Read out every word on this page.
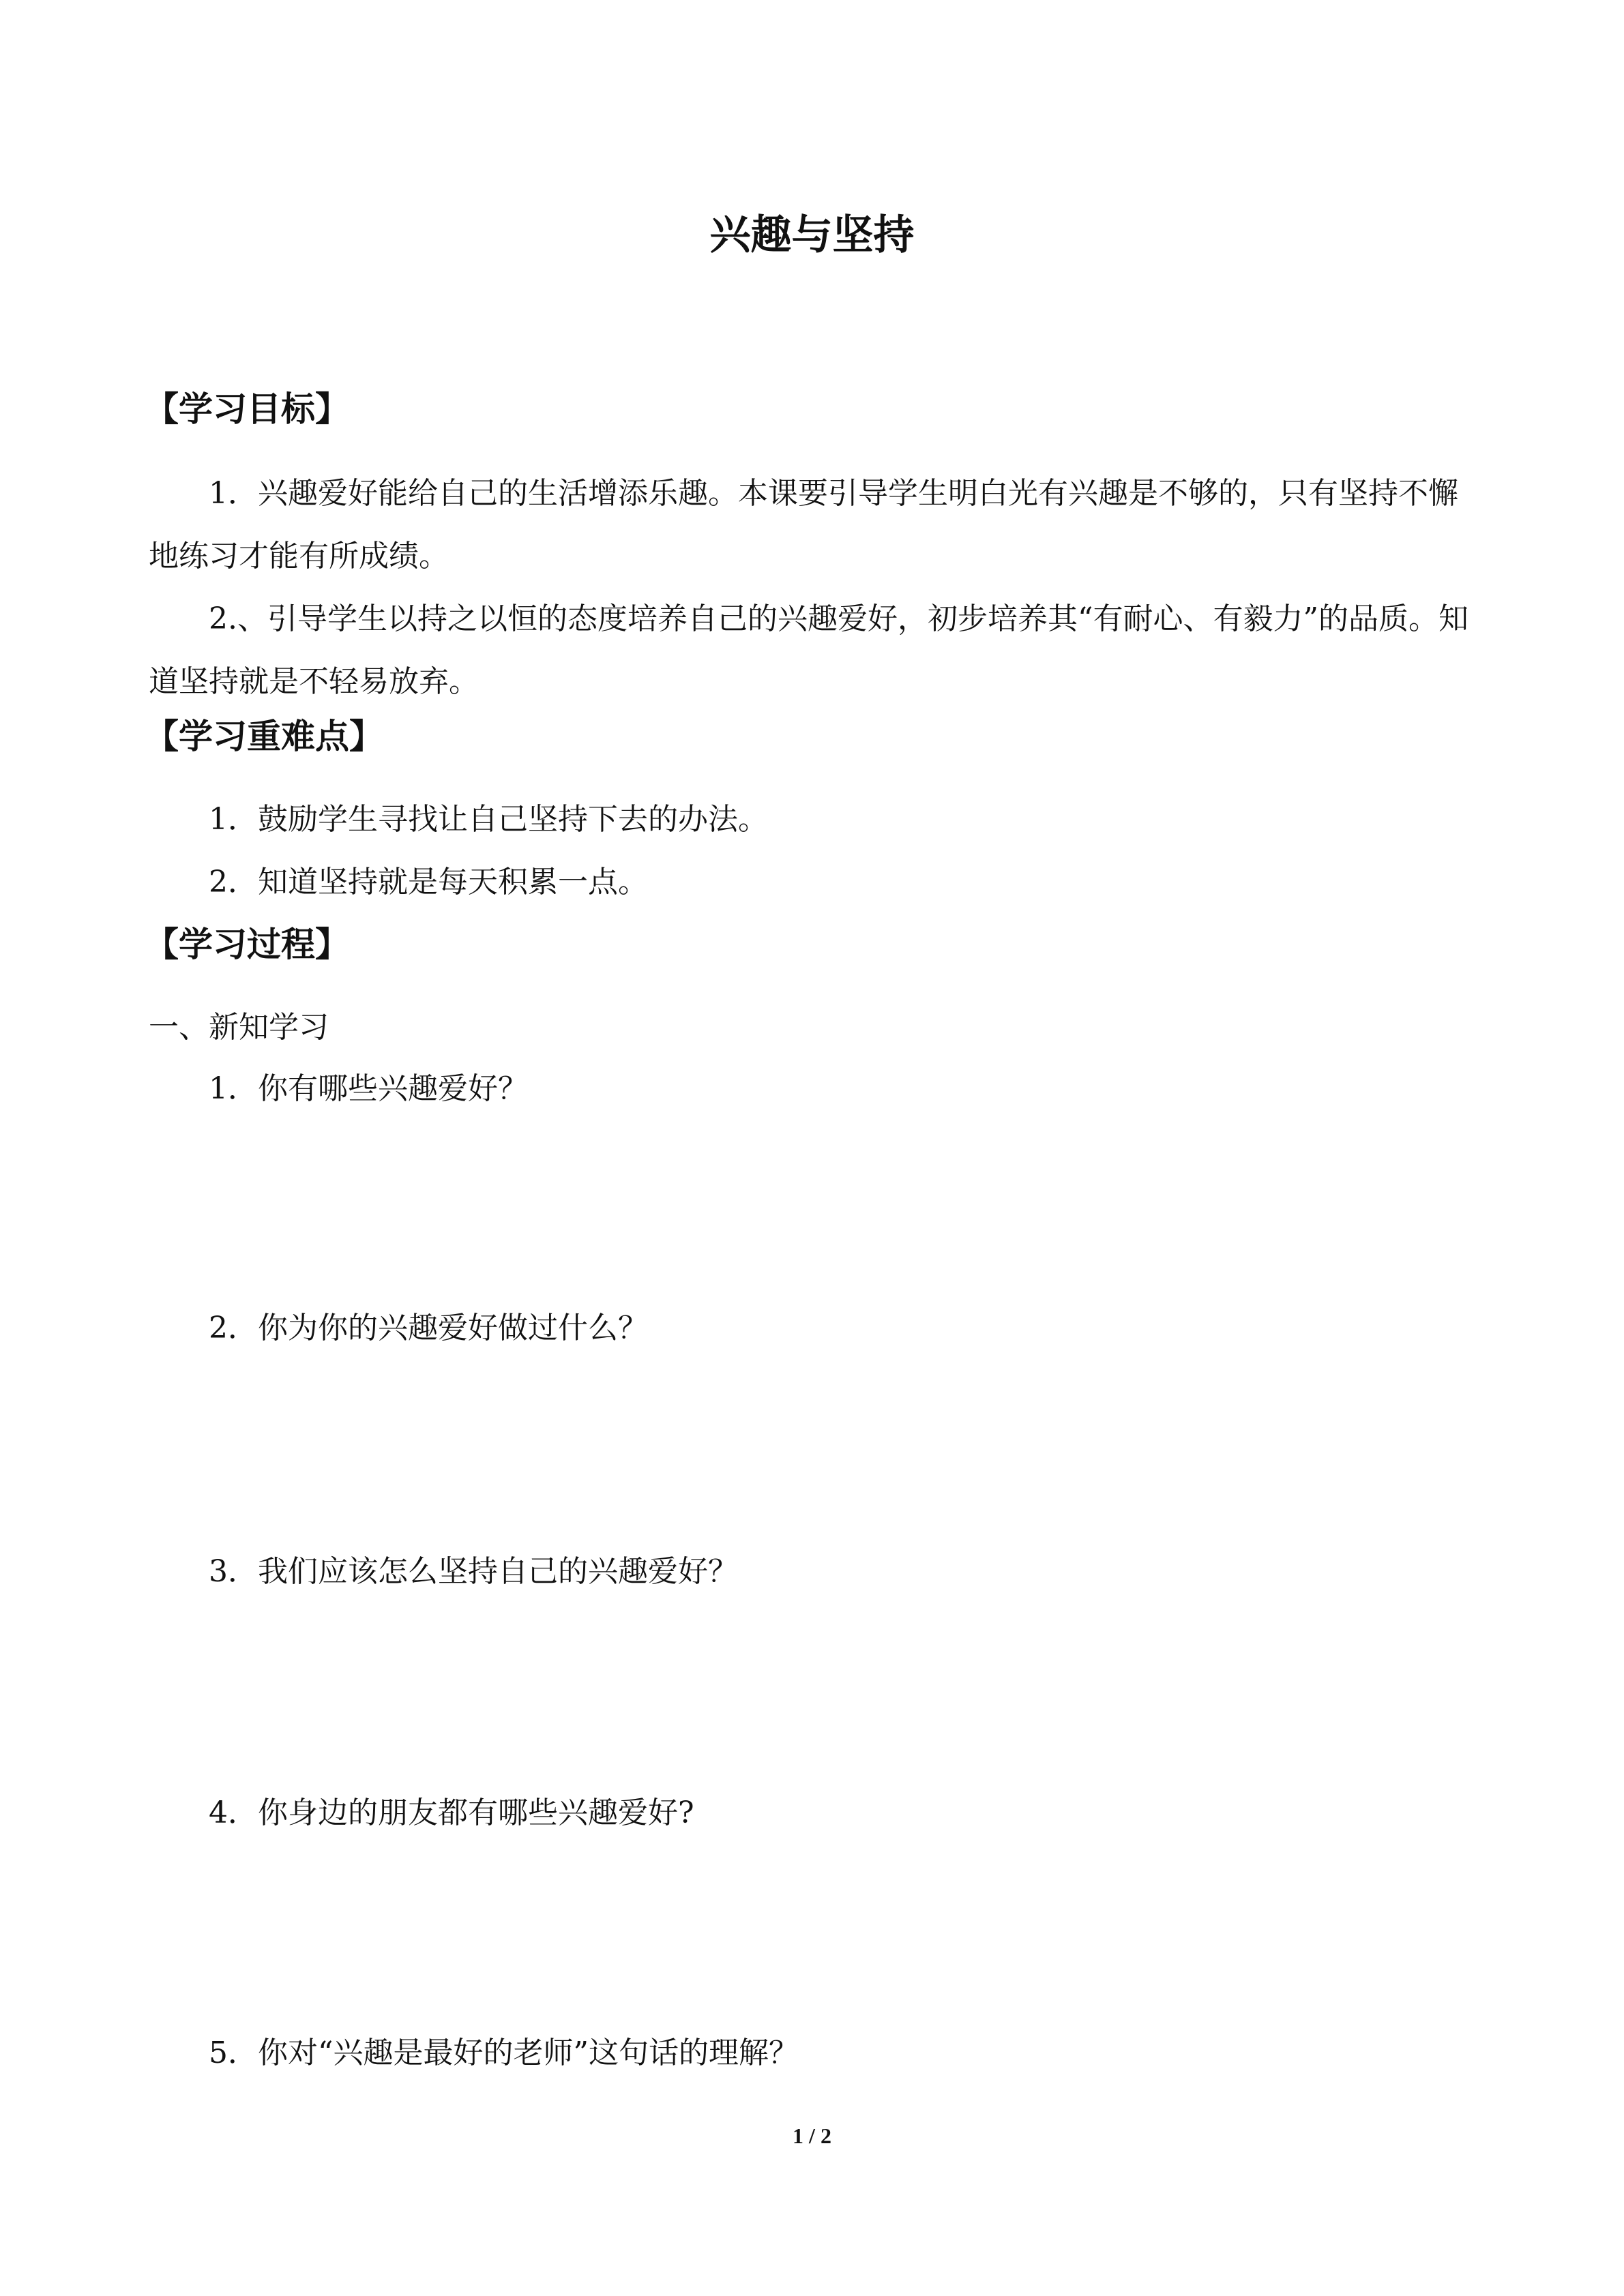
兴趣与坚持
【学习目标】
1．兴趣爱好能给自己的生活增添乐趣。本课要引导学生明白光有兴趣是不够的，只有坚持不懈地练习才能有所成绩。
2.、引导学生以持之以恒的态度培养自己的兴趣爱好，初步培养其“有耐心、有毅力”的品质。知道坚持就是不轻易放弃。
【学习重难点】
1．鼓励学生寻找让自己坚持下去的办法。
2．知道坚持就是每天积累一点。
【学习过程】
一、新知学习
1．你有哪些兴趣爱好？
2．你为你的兴趣爱好做过什么？
3．我们应该怎么坚持自己的兴趣爱好？
4．你身边的朋友都有哪些兴趣爱好?
5．你对“兴趣是最好的老师”这句话的理解？
1 / 2
